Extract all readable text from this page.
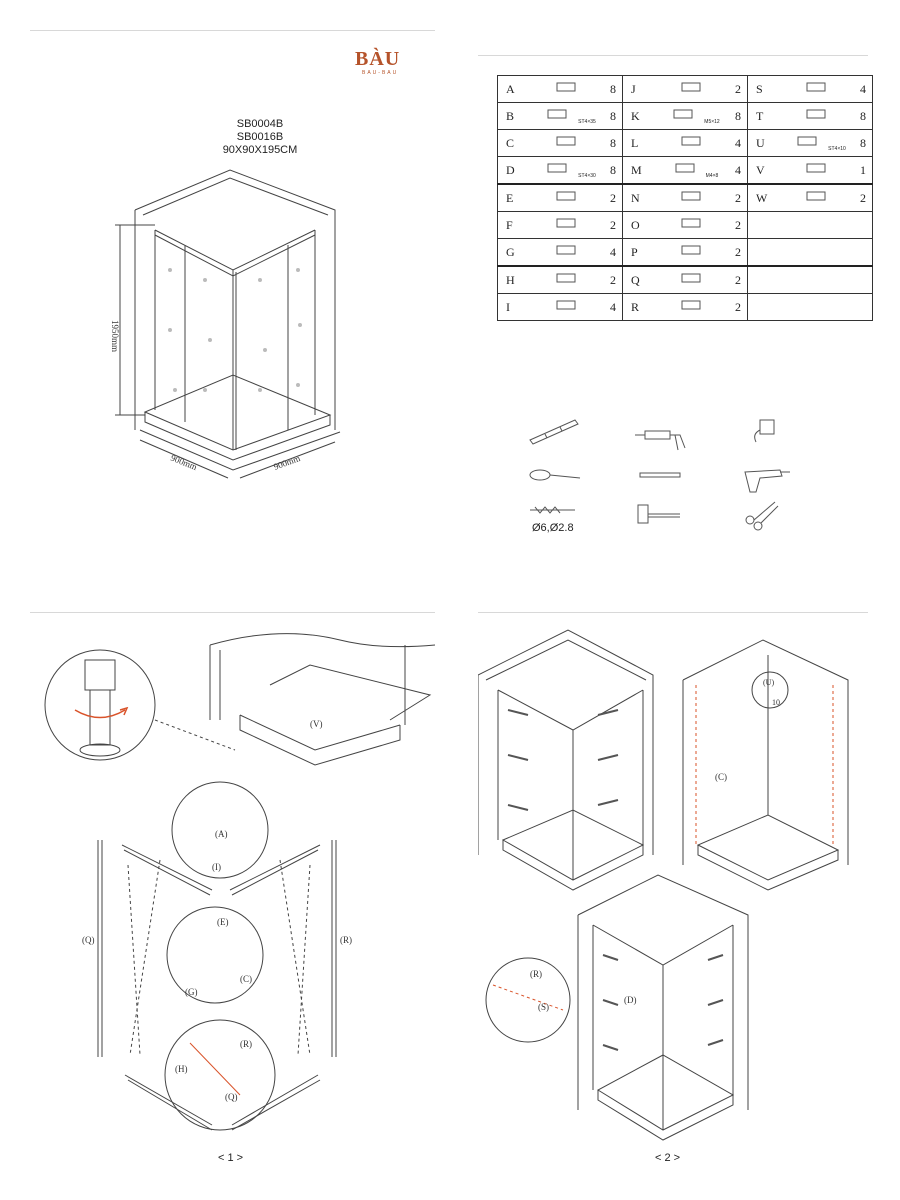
BÀU
BAU-BAU
SB0004B
SB0016B
90X90X195CM
1950mm
900mm	900mm
A		8	J		2	S		4
B	ST4×35	8	K	M5×12	8	T		8
C		8	L		4	U	ST4×10	8
D	ST4×30	8	M	M4×8	4	V		1
E		2	N		2	W		2
F		2	O		2			
G		4	P		2			
H		2	Q		2			
I		4	R		2			
Ø6,Ø2.8
(V)
(A)
(I)
(E)
(G)
(C)
(H)
(R)
(Q)
(Q)	(R)
< 1 >
(C)
(U)
10
(D)
(R)
(S)
< 2 >
